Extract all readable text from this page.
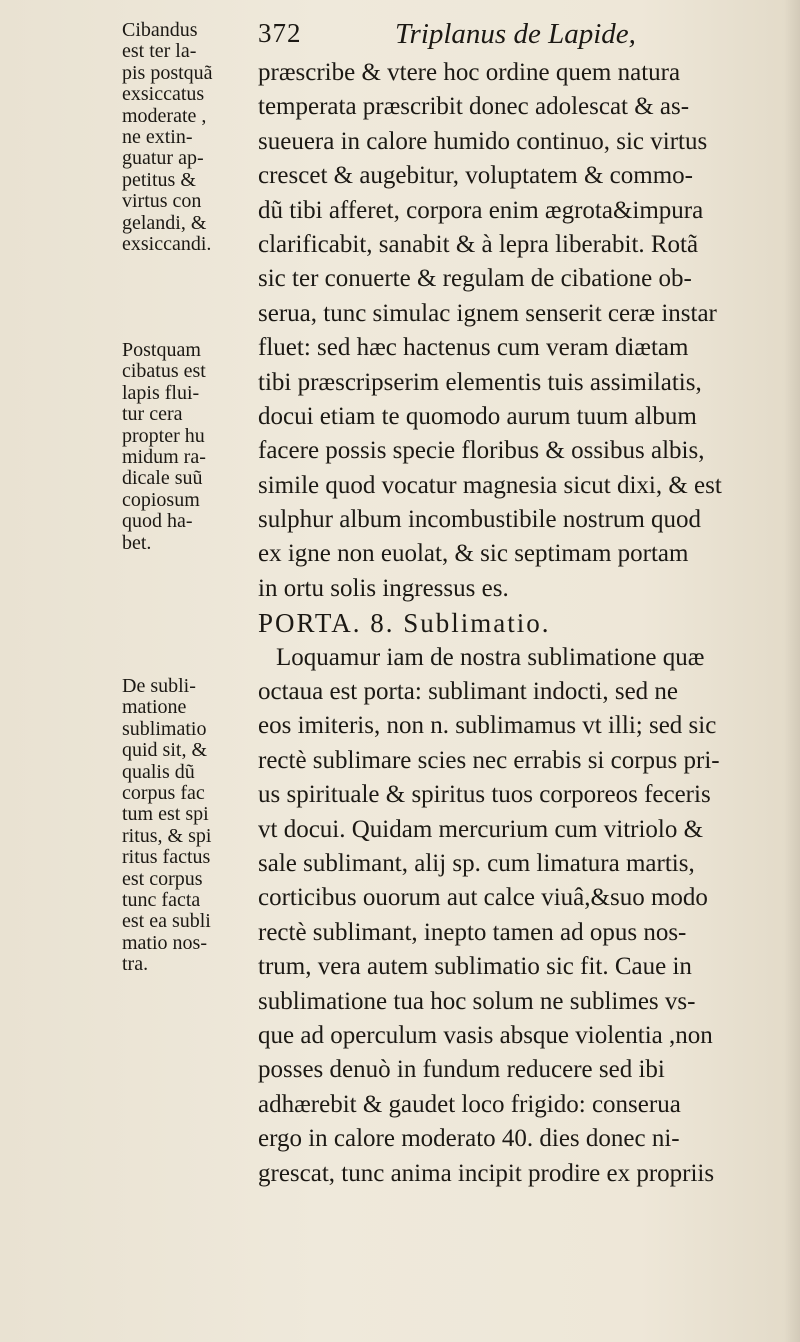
372	Triplanus de Lapide,
Cibandus
est ter la-
pis postquã
exsiccatus
moderate ,
ne extin-
guatur ap-
petitus &
virtus con
gelandi, &
exsiccandi.
Postquam
cibatus est
lapis flui-
tur cera
propter hu
midum ra-
dicale suũ
copiosum
quod ha-
bet.
De subli-
matione
sublimatio
quid sit, &
qualis dũ
corpus fac
tum est spi
ritus, & spi
ritus factus
est corpus
tunc facta
est ea subli
matio nos-
tra.
præscribe & vtere hoc ordine quem natura
temperata præscribit donec adolescat & as-
sueuera in calore humido continuo, sic virtus
crescet & augebitur, voluptatem & commo-
dũ tibi afferet, corpora enim ægrota&impura
clarificabit, sanabit & à lepra liberabit. Rotã
sic ter conuerte & regulam de cibatione ob-
serua, tunc simulac ignem senserit ceræ instar
fluet: sed hæc hactenus cum veram diætam
tibi præscripserim elementis tuis assimilatis,
docui etiam te quomodo aurum tuum album
facere possis specie floribus & ossibus albis,
simile quod vocatur magnesia sicut dixi, & est
sulphur album incombustibile nostrum quod
ex igne non euolat, & sic septimam portam
in ortu solis ingressus es.
PORTA. 8. Sublimatio.
Loquamur iam de nostra sublimatione quæ
octaua est porta: sublimant indocti, sed ne
eos imiteris, non n. sublimamus vt illi; sed sic
rectè sublimare scies nec errabis si corpus pri-
us spirituale & spiritus tuos corporeos feceris
vt docui. Quidam mercurium cum vitriolo &
sale sublimant, alij sp. cum limatura martis,
corticibus ouorum aut calce viuâ,&suo modo
rectè sublimant, inepto tamen ad opus nos-
trum, vera autem sublimatio sic fit. Caue in
sublimatione tua hoc solum ne sublimes vs-
que ad operculum vasis absque violentia ,non
posses denuò in fundum reducere sed ibi
adhærebit & gaudet loco frigido: conserua
ergo in calore moderato 40. dies donec ni-
grescat, tunc anima incipit prodire ex propriis
